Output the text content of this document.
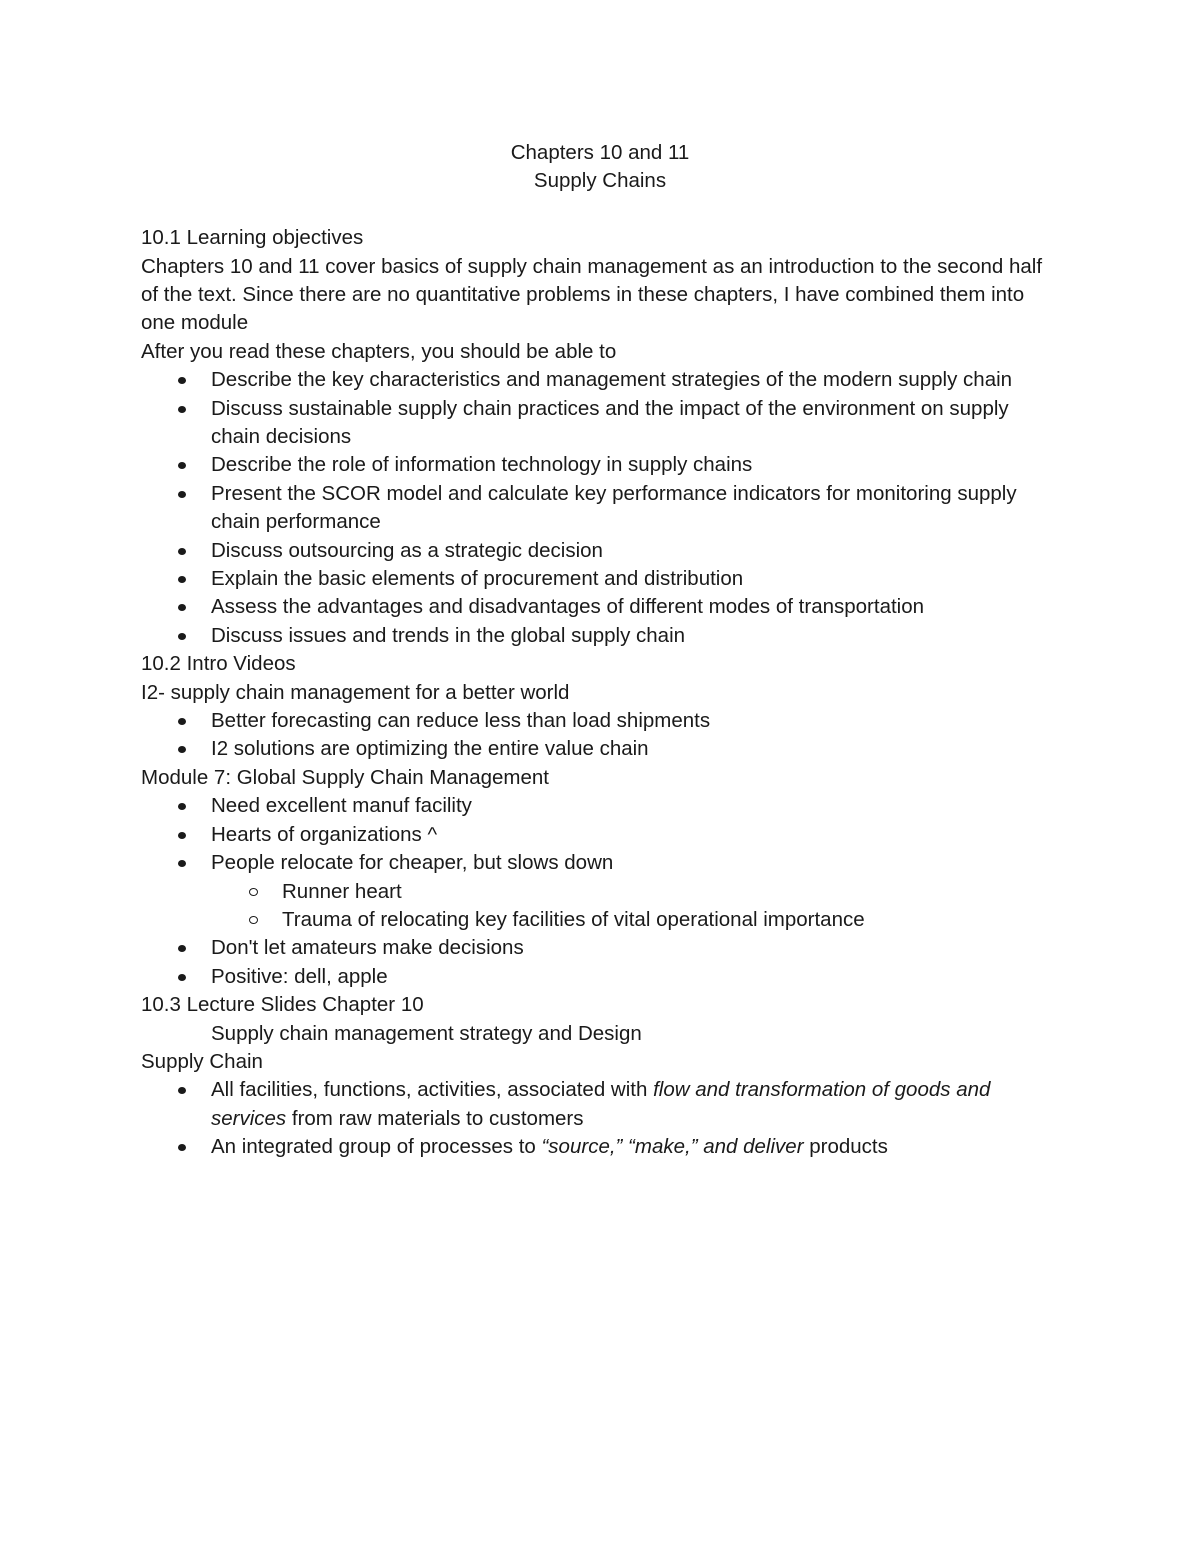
Chapters 10 and 11
Supply Chains
10.1 Learning objectives
Chapters 10 and 11 cover basics of supply chain management as an introduction to the second half of the text. Since there are no quantitative problems in these chapters, I have combined them into one module
After you read these chapters, you should be able to
Describe the key characteristics and management strategies of the modern supply chain
Discuss sustainable supply chain practices and the impact of the environment on supply chain decisions
Describe the role of information technology in supply chains
Present the SCOR model and calculate key performance indicators for monitoring supply chain performance
Discuss outsourcing as a strategic decision
Explain the basic elements of procurement and distribution
Assess the advantages and disadvantages of different modes of transportation
Discuss issues and trends in the global supply chain
10.2 Intro Videos
I2- supply chain management for a better world
Better forecasting can reduce less than load shipments
I2 solutions are optimizing the entire value chain
Module 7: Global Supply Chain Management
Need excellent manuf facility
Hearts of organizations ^
People relocate for cheaper, but slows down
Runner heart
Trauma of relocating key facilities of vital operational importance
Don't let amateurs make decisions
Positive: dell, apple
10.3 Lecture Slides Chapter 10
Supply chain management strategy and Design
Supply Chain
All facilities, functions, activities, associated with flow and transformation of goods and services from raw materials to customers
An integrated group of processes to “source,” “make,” and deliver products
